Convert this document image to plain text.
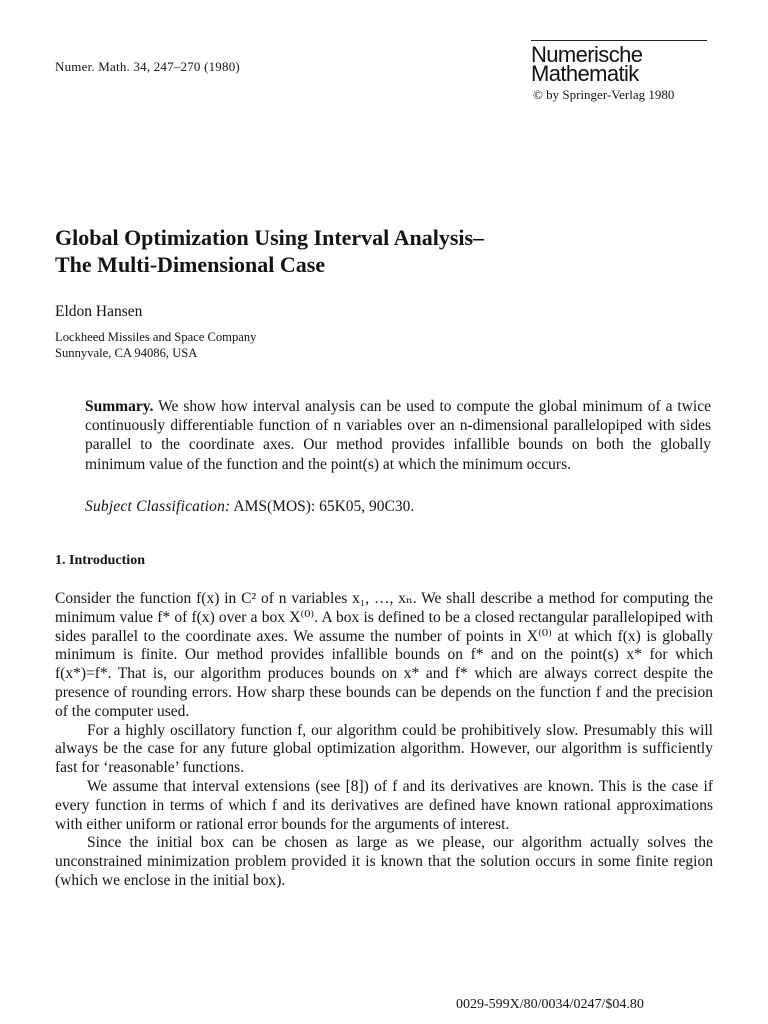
Numer. Math. 34, 247–270 (1980)	Numerische
Mathematik
© by Springer-Verlag 1980
Global Optimization Using Interval Analysis–
The Multi-Dimensional Case
Eldon Hansen
Lockheed Missiles and Space Company
Sunnyvale, CA 94086, USA

Summary. We show how interval analysis can be used to compute the global minimum of a twice continuously differentiable function of n variables over an n-dimensional parallelopiped with sides parallel to the coordinate axes. Our method provides infallible bounds on both the globally minimum value of the function and the point(s) at which the minimum occurs.

Subject Classification: AMS(MOS): 65K05, 90C30.
1. Introduction

Consider the function f(x) in C² of n variables x₁, …, xₙ. We shall describe a method for computing the minimum value f* of f(x) over a box X⁽⁰⁾. A box is defined to be a closed rectangular parallelopiped with sides parallel to the coordinate axes. We assume the number of points in X⁽⁰⁾ at which f(x) is globally minimum is finite. Our method provides infallible bounds on f* and on the point(s) x* for which f(x*)=f*. That is, our algorithm produces bounds on x* and f* which are always correct despite the presence of rounding errors. How sharp these bounds can be depends on the function f and the precision of the computer used.

For a highly oscillatory function f, our algorithm could be prohibitively slow. Presumably this will always be the case for any future global optimization algorithm. However, our algorithm is sufficiently fast for ‘reasonable’ functions.

We assume that interval extensions (see [8]) of f and its derivatives are known. This is the case if every function in terms of which f and its derivatives are defined have known rational approximations with either uniform or rational error bounds for the arguments of interest.

Since the initial box can be chosen as large as we please, our algorithm actually solves the unconstrained minimization problem provided it is known that the solution occurs in some finite region (which we enclose in the initial box).

0029-599X/80/0034/0247/$04.80
